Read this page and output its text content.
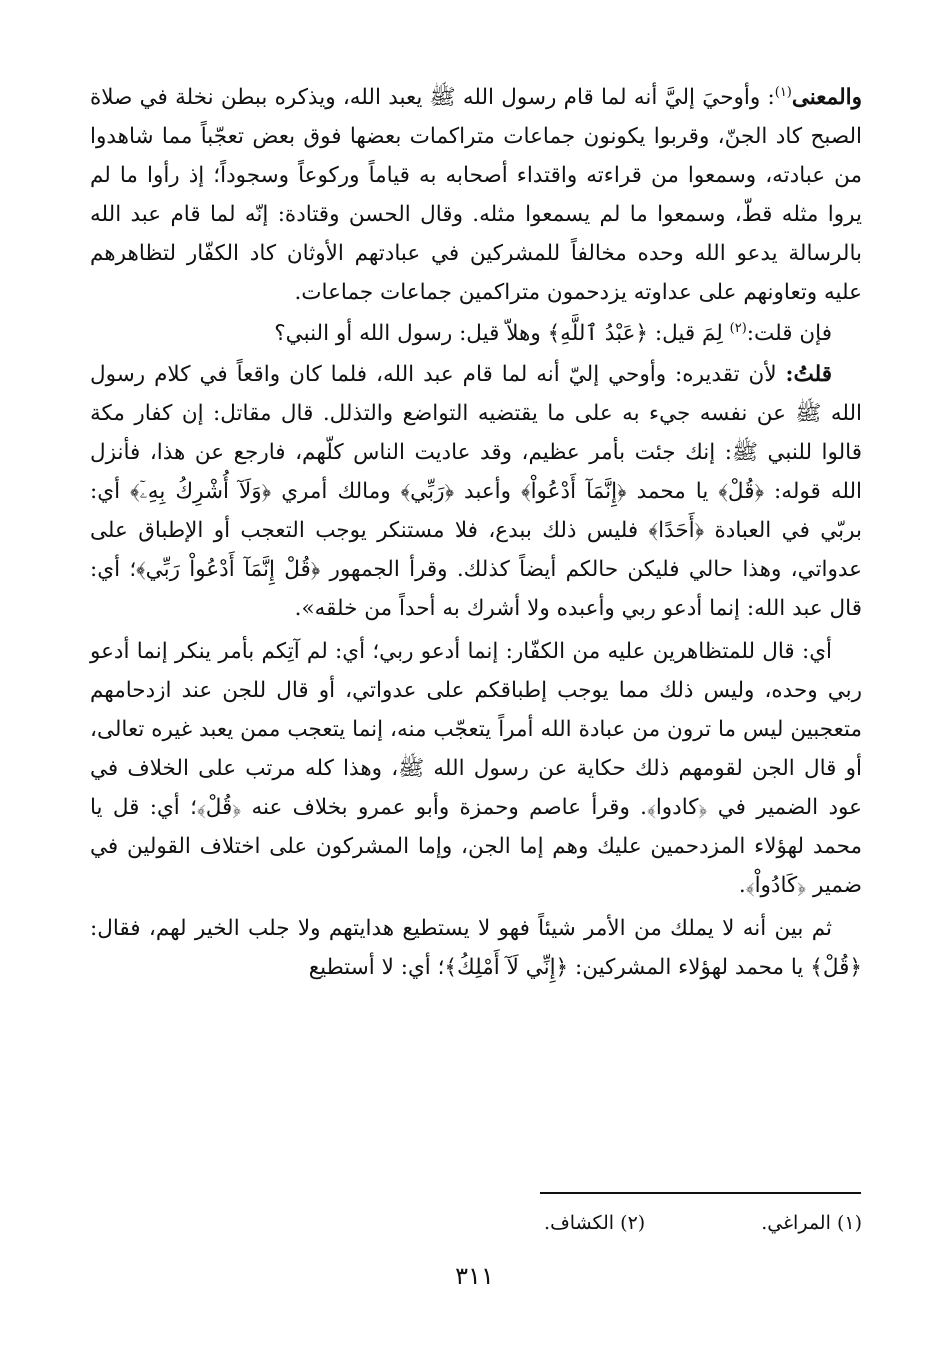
والمعنى$^{(١)}$: وأوحيَ إليَّ أنه لما قام رسول الله ﷺ يعبد الله، ويذكره ببطن نخلة في صلاة الصبح كاد الجنّ، وقربوا يكونون جماعات متراكمات بعضها فوق بعض تعجّباً مما شاهدوا من عبادته، وسمعوا من قراءته واقتداء أصحابه به قياماً وركوعاً وسجوداً؛ إذ رأوا ما لم يروا مثله قطّ، وسمعوا ما لم يسمعوا مثله. وقال الحسن وقتادة: إنّه لما قام عبد الله بالرسالة يدعو الله وحده مخالفاً للمشركين في عبادتهم الأوثان كاد الكفّار لتظاهرهم عليه وتعاونهم على عداوته يزدحمون متراكمين جماعات جماعات.

فإن قلت:$^{(٢)}$ لِمَ قيل: ﴿عَبْدُ ٱللَّهِ﴾ وهلاّ قيل: رسول الله أو النبي؟

قلتُ: لأن تقديره: وأوحي إليّ أنه لما قام عبد الله، فلما كان واقعاً في كلام رسول الله ﷺ عن نفسه جيء به على ما يقتضيه التواضع والتذلل. قال مقاتل: إن كفار مكة قالوا للنبي ﷺ: إنك جئت بأمر عظيم، وقد عاديت الناس كلّهم، فارجع عن هذا، فأنزل الله قوله: ﴿قُلْ﴾ يا محمد ﴿إِنَّمَآ أَدْعُواْ﴾ وأعبد ﴿رَبِّي﴾ ومالك أمري ﴿وَلَآ أُشْرِكُ بِهِۦٓ﴾ أي: بربّي في العبادة ﴿أَحَدًا﴾ فليس ذلك ببدع، فلا مستنكر يوجب التعجب أو الإطباق على عدواتي، وهذا حالي فليكن حالكم أيضاً كذلك. وقرأ الجمهور ﴿قُلْ إِنَّمَآ أَدْعُواْ رَبِّي﴾؛ أي: قال عبد الله: إنما أدعو ربي وأعبده ولا أشرك به أحداً من خلقه».

أي: قال للمتظاهرين عليه من الكفّار: إنما أدعو ربي؛ أي: لم آتِكم بأمر ينكر إنما أدعو ربي وحده، وليس ذلك مما يوجب إطباقكم على عدواتي، أو قال للجن عند ازدحامهم متعجبين ليس ما ترون من عبادة الله أمراً يتعجّب منه، إنما يتعجب ممن يعبد غيره تعالى، أو قال الجن لقومهم ذلك حكاية عن رسول الله ﷺ، وهذا كله مرتب على الخلاف في عود الضمير في ﴿كادوا﴾. وقرأ عاصم وحمزة وأبو عمرو بخلاف عنه ﴿قُلْ﴾؛ أي: قل يا محمد لهؤلاء المزدحمين عليك وهم إما الجن، وإما المشركون على اختلاف القولين في ضمير ﴿كَادُواْ﴾.

ثم بين أنه لا يملك من الأمر شيئاً فهو لا يستطيع هدايتهم ولا جلب الخير لهم، فقال: ﴿قُلْ﴾ يا محمد لهؤلاء المشركين: ﴿إِنِّي لَآ أَمْلِكُ﴾؛ أي: لا أستطيع

(١) المراغي. (٢) الكشاف.
٣١١
